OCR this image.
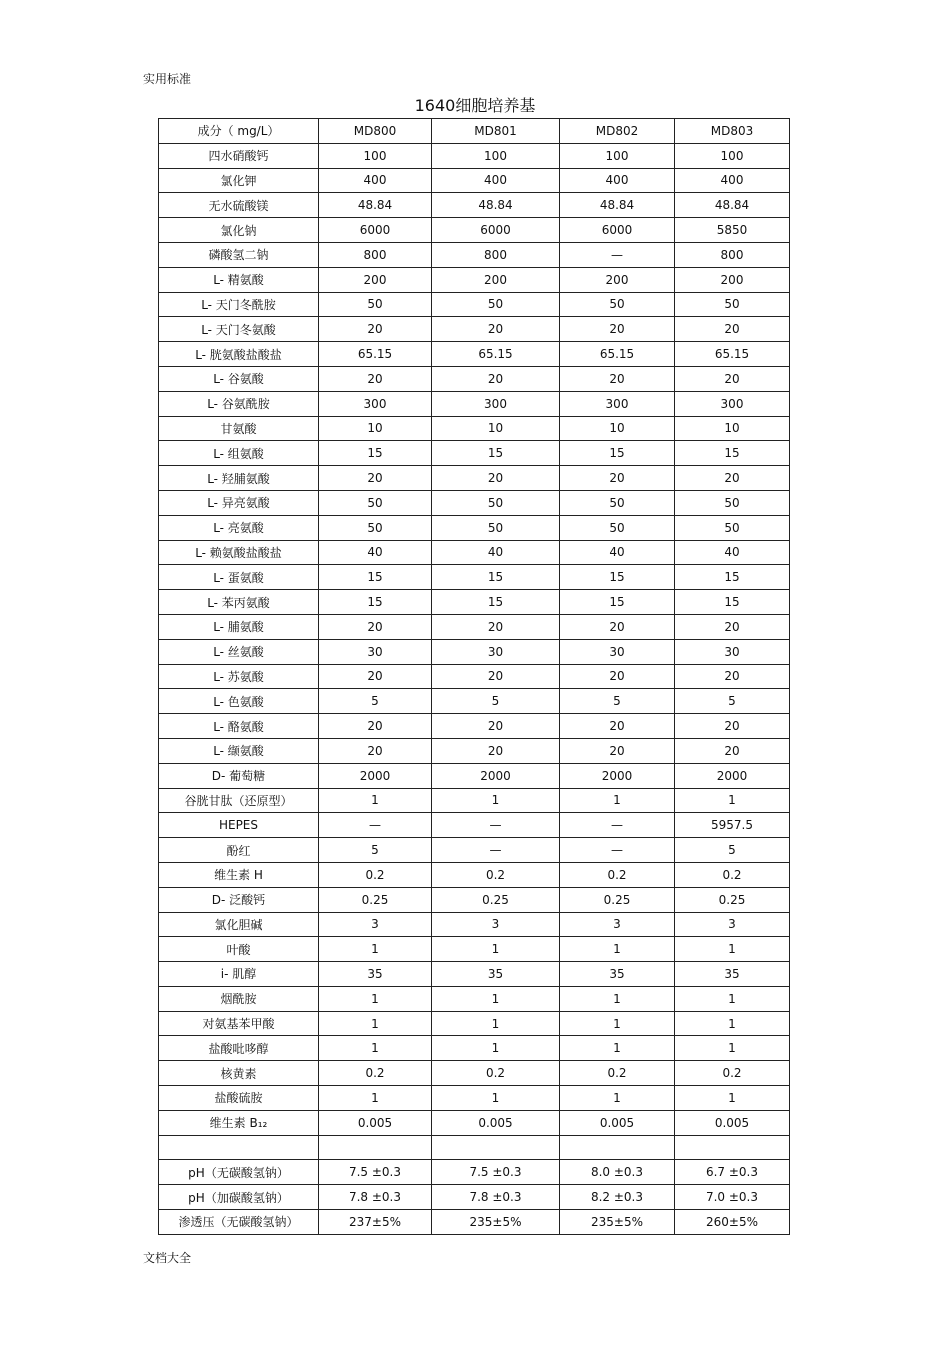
实用标准
1640细胞培养基
成分（ mg/L）	MD800	MD801	MD802	MD803
四水硝酸钙	100	100	100	100
氯化钾	400	400	400	400
无水硫酸镁	48.84	48.84	48.84	48.84
氯化钠	6000	6000	6000	5850
磷酸氢二钠	800	800	—	800
L- 精氨酸	200	200	200	200
L- 天门冬酰胺	50	50	50	50
L- 天门冬氨酸	20	20	20	20
L- 胱氨酸盐酸盐	65.15	65.15	65.15	65.15
L- 谷氨酸	20	20	20	20
L- 谷氨酰胺	300	300	300	300
甘氨酸	10	10	10	10
L- 组氨酸	15	15	15	15
L- 羟脯氨酸	20	20	20	20
L- 异亮氨酸	50	50	50	50
L- 亮氨酸	50	50	50	50
L- 赖氨酸盐酸盐	40	40	40	40
L- 蛋氨酸	15	15	15	15
L- 苯丙氨酸	15	15	15	15
L- 脯氨酸	20	20	20	20
L- 丝氨酸	30	30	30	30
L- 苏氨酸	20	20	20	20
L- 色氨酸	5	5	5	5
L- 酪氨酸	20	20	20	20
L- 缬氨酸	20	20	20	20
D- 葡萄糖	2000	2000	2000	2000
谷胱甘肽（还原型）	1	1	1	1
HEPES	—	—	—	5957.5
酚红	5	—	—	5
维生素 H	0.2	0.2	0.2	0.2
D- 泛酸钙	0.25	0.25	0.25	0.25
氯化胆碱	3	3	3	3
叶酸	1	1	1	1
i- 肌醇	35	35	35	35
烟酰胺	1	1	1	1
对氨基苯甲酸	1	1	1	1
盐酸吡哆醇	1	1	1	1
核黄素	0.2	0.2	0.2	0.2
盐酸硫胺	1	1	1	1
维生素 B₁₂	0.005	0.005	0.005	0.005

pH（无碳酸氢钠）	7.5 ±0.3	7.5 ±0.3	8.0 ±0.3	6.7 ±0.3
pH（加碳酸氢钠）	7.8 ±0.3	7.8 ±0.3	8.2 ±0.3	7.0 ±0.3
渗透压（无碳酸氢钠）	237±5%	235±5%	235±5%	260±5%
文档大全
